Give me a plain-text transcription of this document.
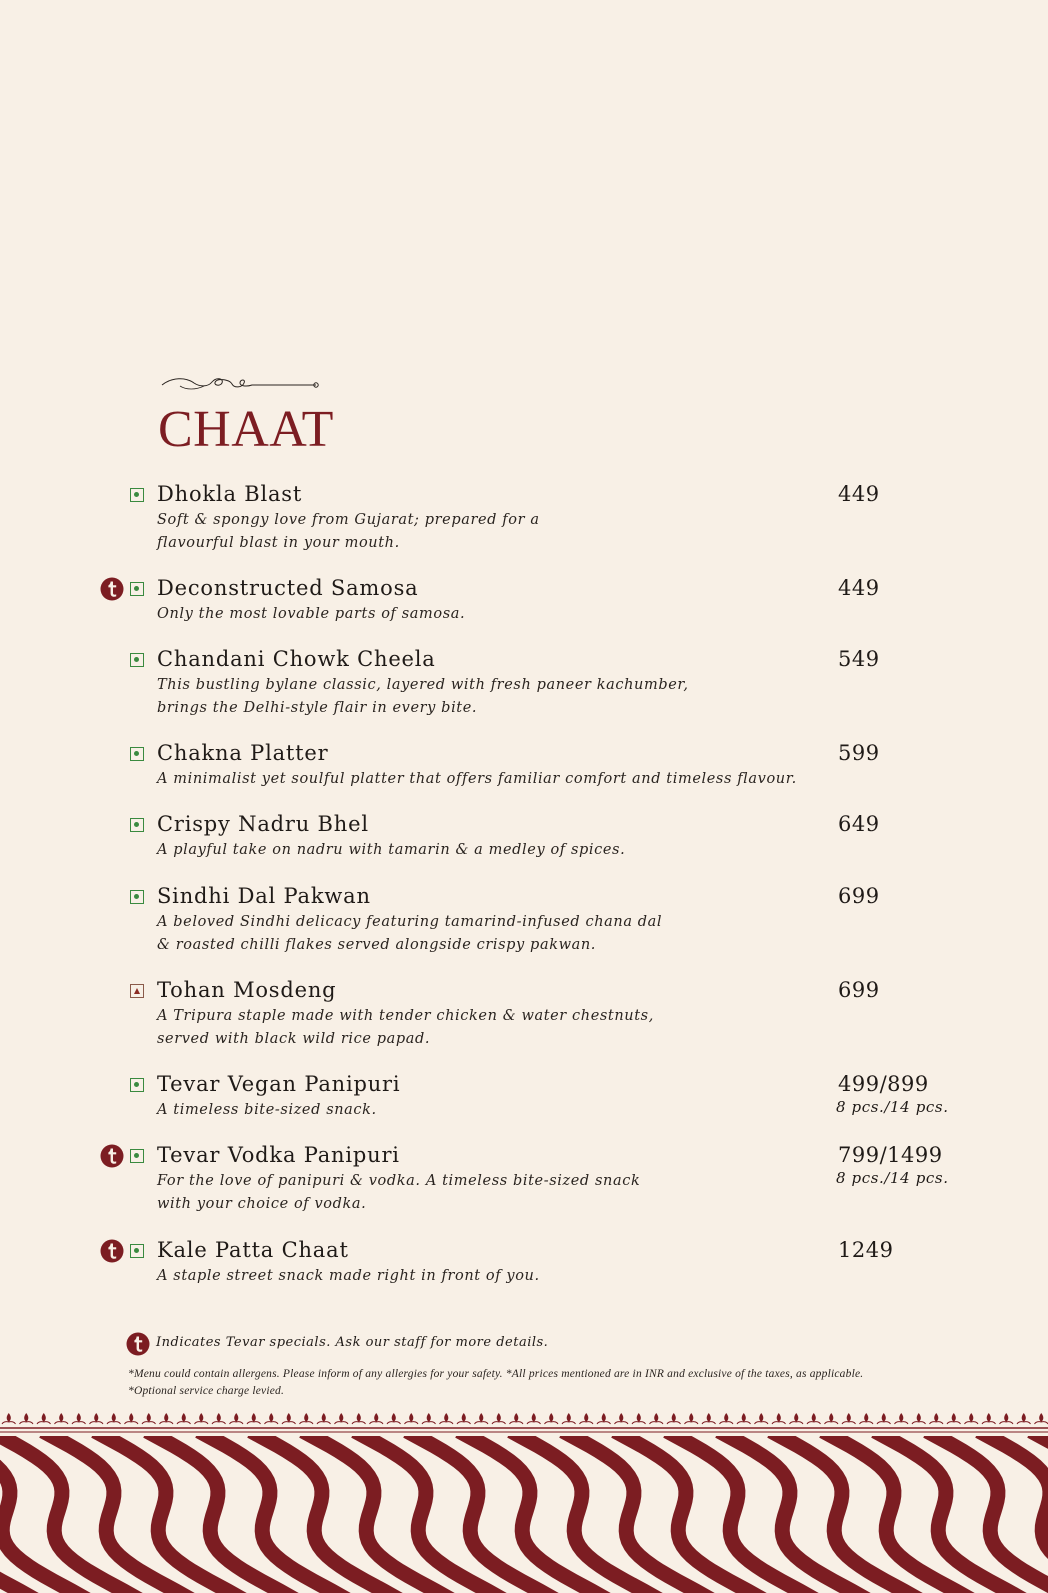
CHAAT

Dhokla Blast

Soft & spongy love from Gujarat; prepared for a
flavourful blast in your mouth.

449

Deconstructed Samosa

Only the most lovable parts of samosa.

449

Chandani Chowk Cheela

This bustling bylane classic, layered with fresh paneer kachumber,
brings the Delhi-style flair in every bite.

549

Chakna Platter

A minimalist yet soulful platter that offers familiar comfort and timeless flavour.

599

Crispy Nadru Bhel

A playful take on nadru with tamarin & a medley of spices.

649

Sindhi Dal Pakwan

A beloved Sindhi delicacy featuring tamarind-infused chana dal
& roasted chilli flakes served alongside crispy pakwan.

699

Tohan Mosdeng

A Tripura staple made with tender chicken & water chestnuts,
served with black wild rice papad.

699

Tevar Vegan Panipuri

A timeless bite-sized snack.

499/899

8 pcs./14 pcs.

Tevar Vodka Panipuri

For the love of panipuri & vodka. A timeless bite-sized snack
with your choice of vodka.

799/1499

8 pcs./14 pcs.

Kale Patta Chaat

A staple street snack made right in front of you.

1249

Indicates Tevar specials. Ask our staff for more details.

*Menu could contain allergens. Please inform of any allergies for your safety. *All prices mentioned are in INR and exclusive of the taxes, as applicable.

*Optional service charge levied.
